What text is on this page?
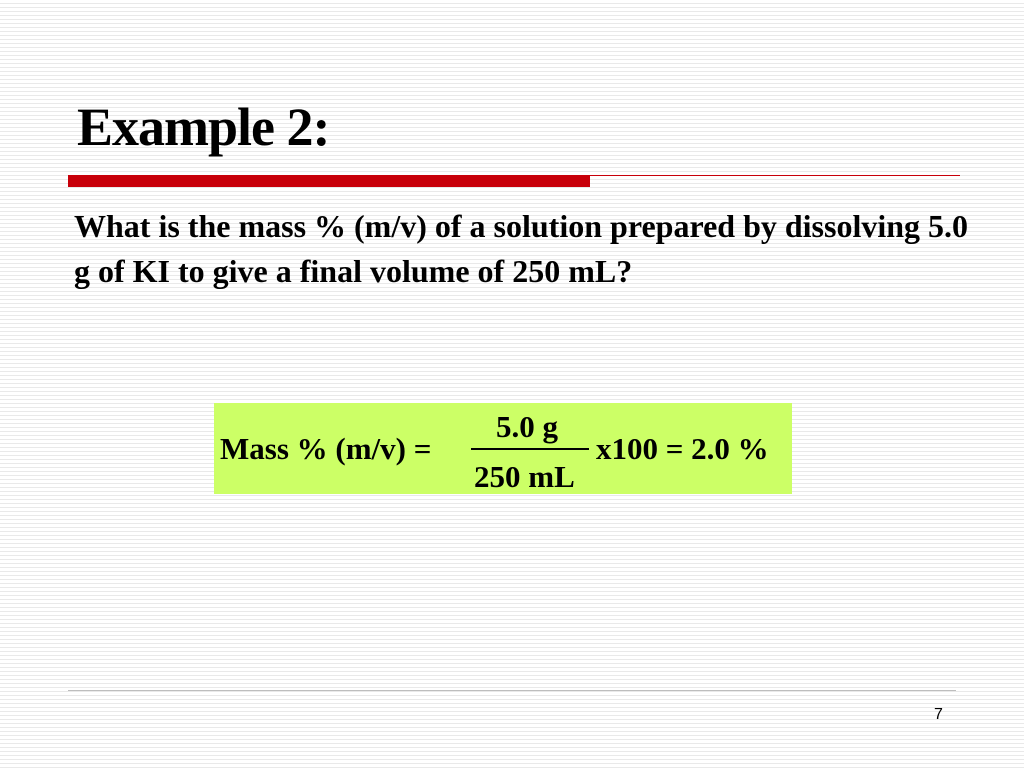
Example 2:

What is the mass % (m/v) of a solution prepared by dissolving 5.0 g of KI to give a final volume of 250 mL?

Mass % (m/v) =
5.0 g
250 mL
x100 = 2.0 %
7
